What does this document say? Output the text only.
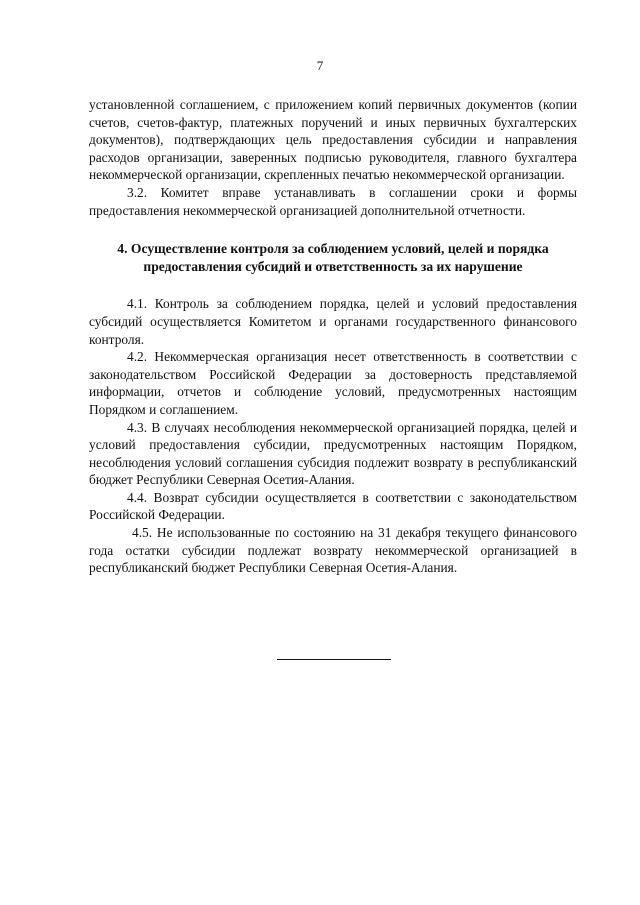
7

установленной соглашением, с приложением копий первичных документов (копии счетов, счетов-фактур, платежных поручений и иных первичных бухгалтерских документов), подтверждающих цель предоставления субсидии и направления расходов организации, заверенных подписью руководителя, главного бухгалтера некоммерческой организации, скрепленных печатью некоммерческой организации.

3.2. Комитет вправе устанавливать в соглашении сроки и формы предоставления некоммерческой организацией дополнительной отчетности.

4. Осуществление контроля за соблюдением условий, целей и порядка предоставления субсидий и ответственность за их нарушение

4.1. Контроль за соблюдением порядка, целей и условий предоставления субсидий осуществляется Комитетом и органами государственного финансового контроля.

4.2. Некоммерческая организация несет ответственность в соответствии с законодательством Российской Федерации за достоверность представляемой информации, отчетов и соблюдение условий, предусмотренных настоящим Порядком и соглашением.

4.3. В случаях несоблюдения некоммерческой организацией порядка, целей и условий предоставления субсидии, предусмотренных настоящим Порядком, несоблюдения условий соглашения субсидия подлежит возврату в республиканский бюджет Республики Северная Осетия-Алания.

4.4. Возврат субсидии осуществляется в соответствии с законодательством Российской Федерации.

4.5. Не использованные по состоянию на 31 декабря текущего финансового года остатки субсидии подлежат возврату некоммерческой организацией в республиканский бюджет Республики Северная Осетия-Алания.
